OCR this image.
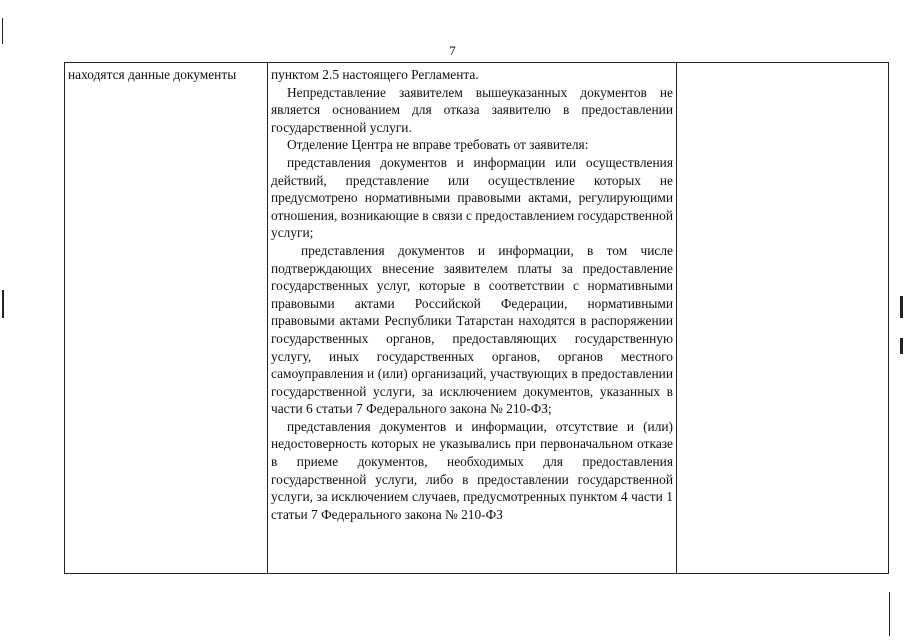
7
находятся данные документы	пунктом 2.5 настоящего Регламента.

Непредставление заявителем вышеуказанных документов не является основанием для отказа заявителю в предоставлении государственной услуги.

Отделение Центра не вправе требовать от заявителя:

представления документов и информации или осуществления действий, представление или осуществление которых не предусмотрено нормативными правовыми актами, регулирующими отношения, возникающие в связи с предоставлением государственной услуги;

представления документов и информации, в том числе подтверждающих внесение заявителем платы за предоставление государственных услуг, которые в соответствии с нормативными правовыми актами Российской Федерации, нормативными правовыми актами Республики Татарстан находятся в распоряжении государственных органов, предоставляющих государственную услугу, иных государственных органов, органов местного самоуправления и (или) организаций, участвующих в предоставлении государственной услуги, за исключением документов, указанных в части 6 статьи 7 Федерального закона № 210-ФЗ;

представления документов и информации, отсутствие и (или) недостоверность которых не указывались при первоначальном отказе в приеме документов, необходимых для предоставления государственной услуги, либо в предоставлении государственной услуги, за исключением случаев, предусмотренных пунктом 4 части 1 статьи 7 Федерального закона № 210-ФЗ
